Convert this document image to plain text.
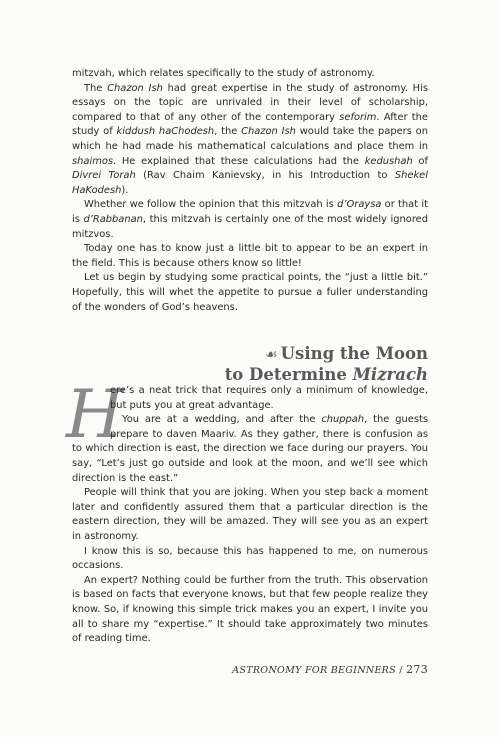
mitzvah, which relates specifically to the study of astronomy.

The Chazon Ish had great expertise in the study of astronomy. His essays on the topic are unrivaled in their level of scholarship, compared to that of any other of the contemporary seforim. After the study of kiddush haChodesh, the Chazon Ish would take the papers on which he had made his mathematical calculations and place them in shaimos. He explained that these calculations had the kedushah of Divrei Torah (Rav Chaim Kanievsky, in his Introduction to Shekel HaKodesh).

Whether we follow the opinion that this mitzvah is d’Oraysa or that it is d’Rabbanan, this mitzvah is certainly one of the most widely ignored mitzvos.

Today one has to know just a little bit to appear to be an expert in the field. This is because others know so little!

Let us begin by studying some practical points, the “just a little bit.” Hopefully, this will whet the appetite to pursue a fuller understanding of the wonders of God’s heavens.

☙ Using the Moon
to Determine Mizrach
H

ere’s a neat trick that requires only a minimum of knowledge, but puts you at great advantage.

You are at a wedding, and after the chuppah, the guests prepare to daven Maariv. As they gather, there is confusion as to which direction is east, the direction we face during our prayers. You say, “Let’s just go outside and look at the moon, and we’ll see which direction is the east.”

People will think that you are joking. When you step back a moment later and confidently assured them that a particular direction is the eastern direction, they will be amazed. They will see you as an expert in astronomy.

I know this is so, because this has happened to me, on numerous occasions.

An expert? Nothing could be further from the truth. This observation is based on facts that everyone knows, but that few people realize they know. So, if knowing this simple trick makes you an expert, I invite you all to share my “expertise.” It should take approximately two minutes of reading time.

ASTRONOMY FOR BEGINNERS / 273
